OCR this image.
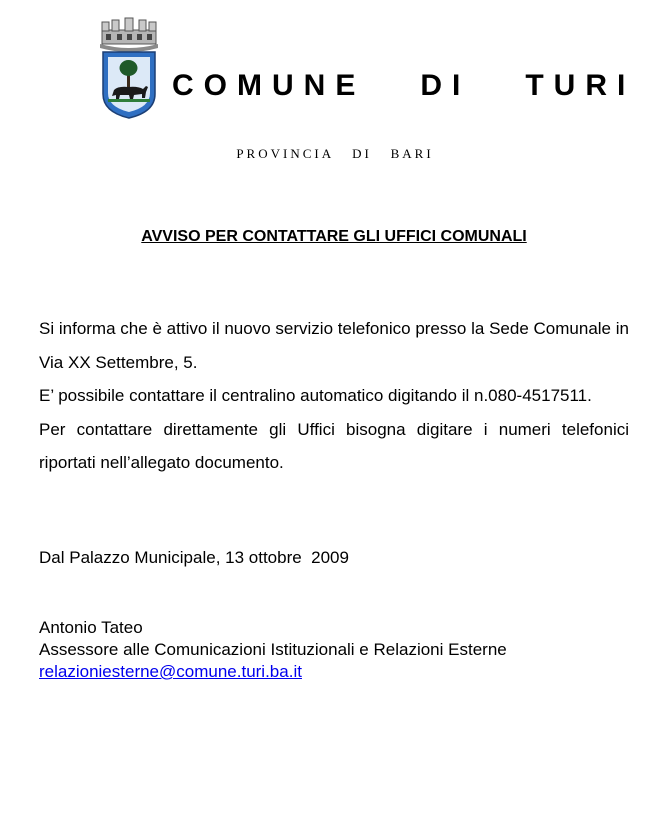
COMUNE   DI   TURI
PROVINCIA   DI   BARI
AVVISO PER CONTATTARE GLI UFFICI COMUNALI

Si informa che è attivo il nuovo servizio telefonico presso la Sede Comunale in Via XX Settembre, 5.

E’ possibile contattare il centralino automatico digitando il n.080-4517511.

Per contattare direttamente gli Uffici bisogna digitare i numeri telefonici riportati nell’allegato documento.

Dal Palazzo Municipale, 13 ottobre  2009
Antonio Tateo
Assessore alle Comunicazioni Istituzionali e Relazioni Esterne
relazioniesterne@comune.turi.ba.it
